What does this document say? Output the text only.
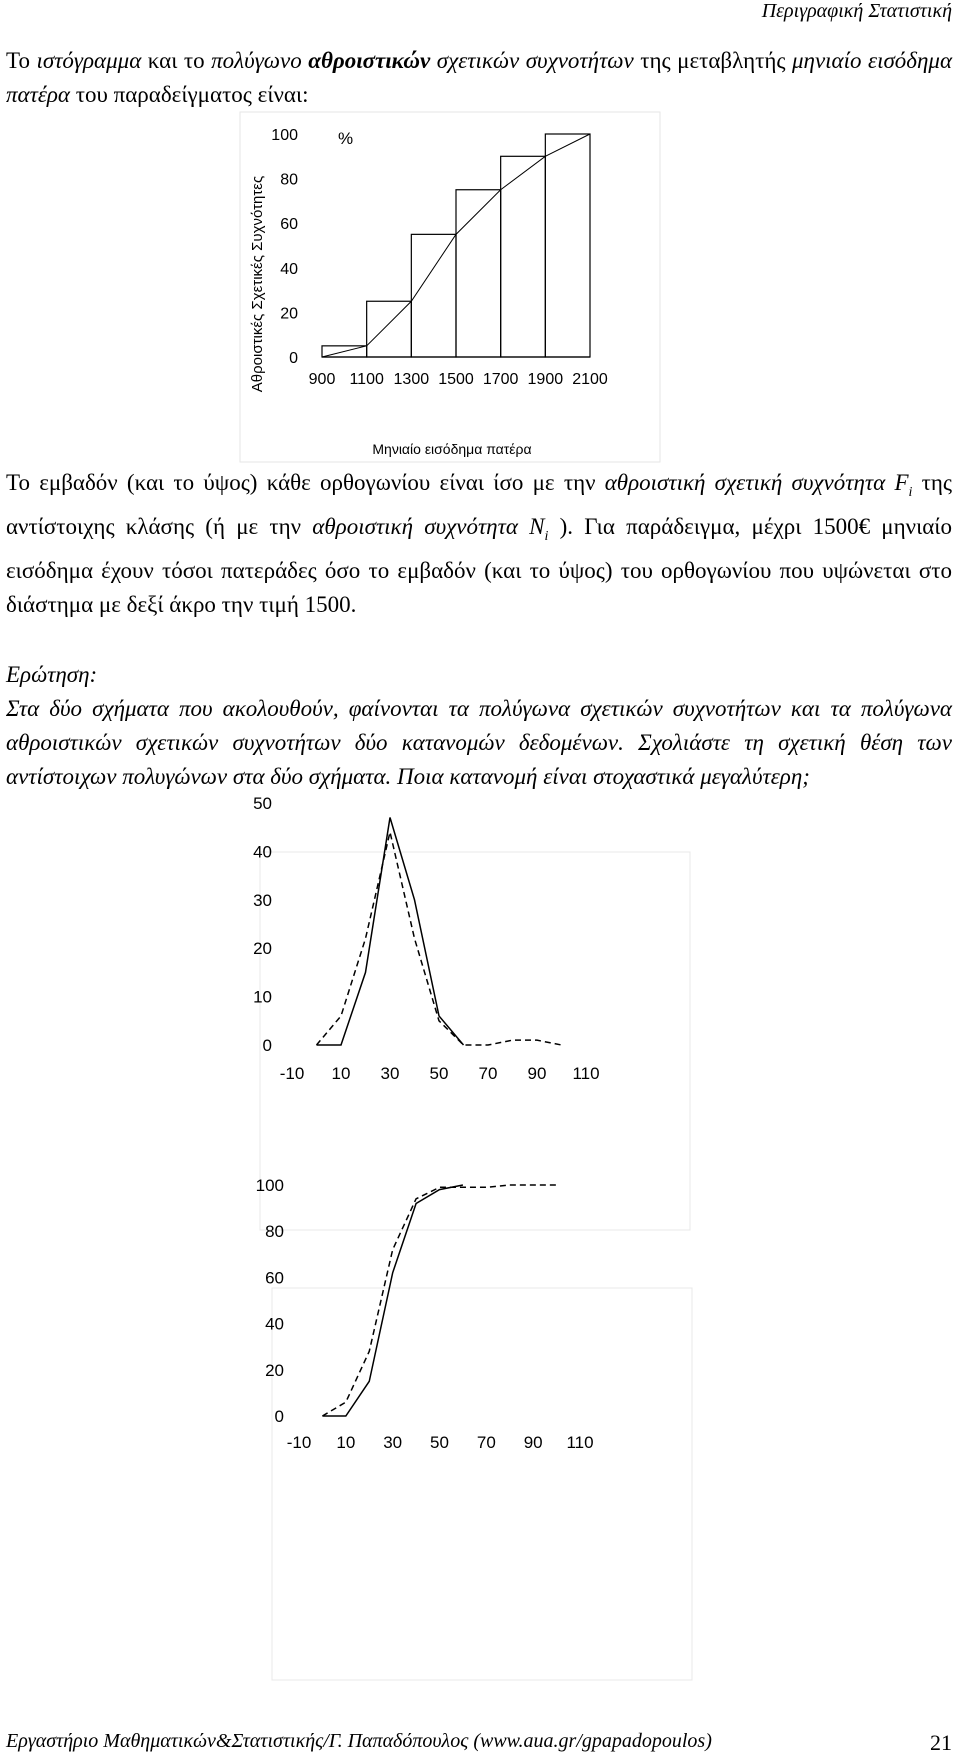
Περιγραφική Στατιστική

Το ιστόγραμμα και το πολύγωνο αθροιστικών σχετικών συχνοτήτων της μεταβλητής μηνιαίο εισόδημα πατέρα του παραδείγματος είναι:

Αθροιστικές Σχετικές Συχνότητες
%
Μηνιαίο εισόδημα πατέρα
0
20
40
60
80
100
900 1100 1300 1500 1700 1900 2100

Το εμβαδόν (και το ύψος) κάθε ορθογωνίου είναι ίσο με την αθροιστική σχετική συχνότητα $F_i$ της αντίστοιχης κλάσης (ή με την αθροιστική συχνότητα $N_i$ ). Για παράδειγμα, μέχρι 1500€ μηνιαίο εισόδημα έχουν τόσοι πατεράδες όσο το εμβαδόν (και το ύψος) του ορθογωνίου που υψώνεται στο διάστημα με δεξί άκρο την τιμή 1500.

Ερώτηση:

Στα δύο σχήματα που ακολουθούν, φαίνονται τα πολύγωνα σχετικών συχνοτήτων και τα πολύγωνα αθροιστικών σχετικών συχνοτήτων δύο κατανομών δεδομένων. Σχολιάστε τη σχετική θέση των αντίστοιχων πολυγώνων στα δύο σχήματα. Ποια κατανομή είναι στοχαστικά μεγαλύτερη;

0
10
20
30
40
50
-10 10 30 50 70 90 110
0
20
40
60
80
100
-10 10 30 50 70 90 110
Εργαστήριο Μαθηματικών&Στατιστικής/Γ. Παπαδόπουλος (www.aua.gr/gpapadopoulos)	21
